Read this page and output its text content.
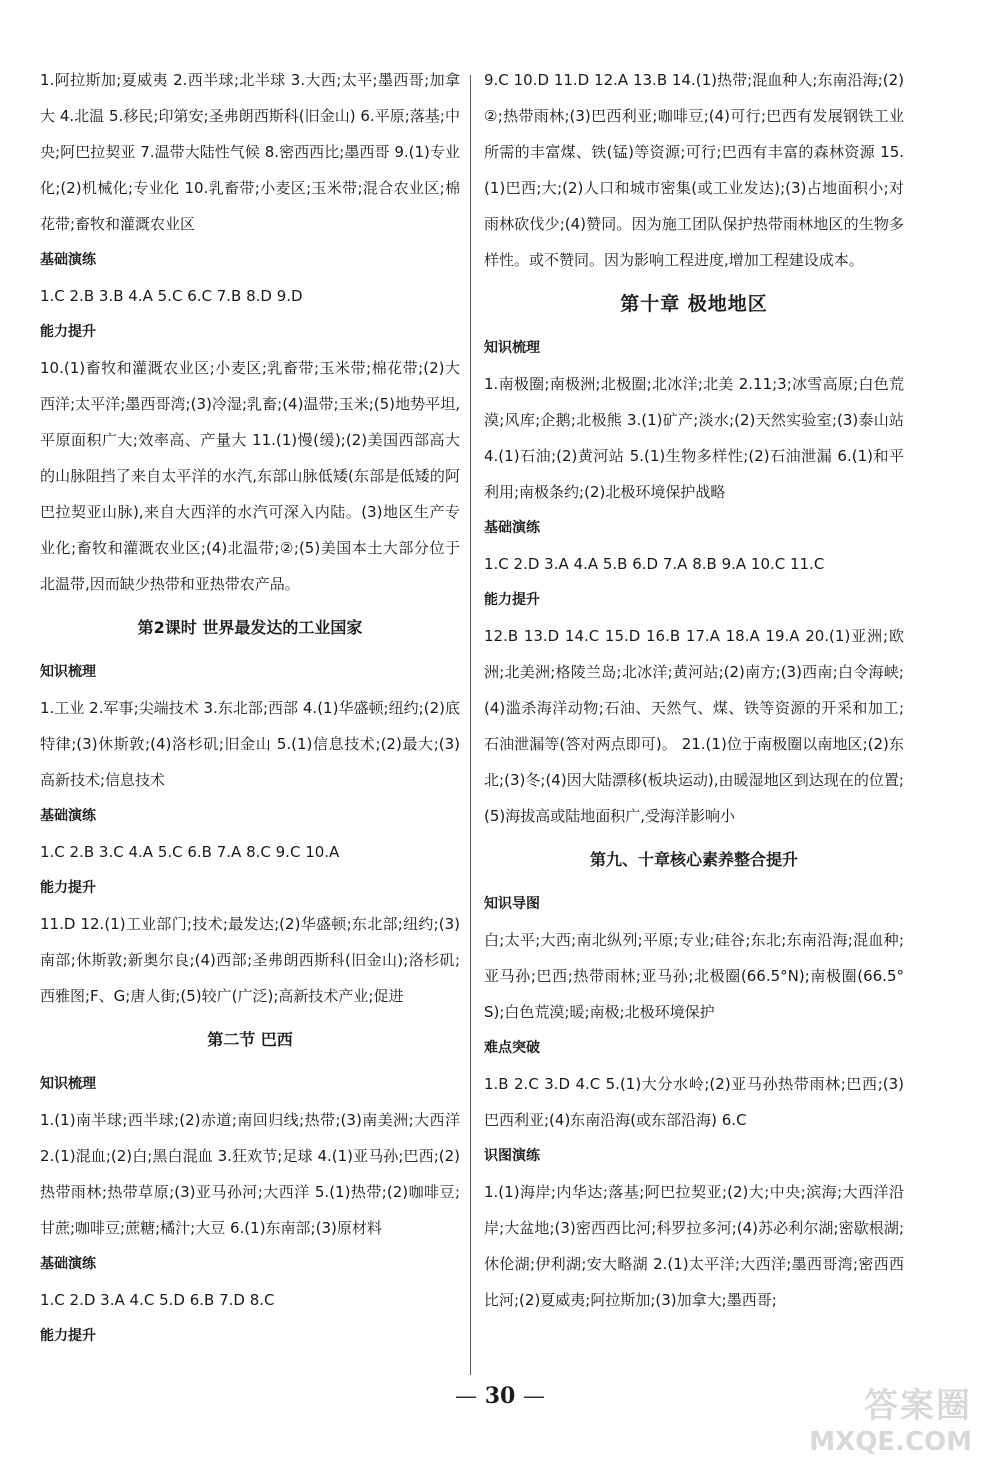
1.阿拉斯加;夏威夷 2.西半球;北半球 3.大西;太平;墨西哥;加拿大 4.北温 5.移民;印第安;圣弗朗西斯科(旧金山) 6.平原;落基;中央;阿巴拉契亚 7.温带大陆性气候 8.密西西比;墨西哥 9.(1)专业化;(2)机械化;专业化 10.乳畜带;小麦区;玉米带;混合农业区;棉花带;畜牧和灌溉农业区

基础演练

1.C 2.B 3.B 4.A 5.C 6.C 7.B 8.D 9.D

能力提升

10.(1)畜牧和灌溉农业区;小麦区;乳畜带;玉米带;棉花带;(2)大西洋;太平洋;墨西哥湾;(3)冷湿;乳畜;(4)温带;玉米;(5)地势平坦,平原面积广大;效率高、产量大 11.(1)慢(缓);(2)美国西部高大的山脉阻挡了来自太平洋的水汽,东部山脉低矮(东部是低矮的阿巴拉契亚山脉),来自大西洋的水汽可深入内陆。(3)地区生产专业化;畜牧和灌溉农业区;(4)北温带;②;(5)美国本土大部分位于北温带,因而缺少热带和亚热带农产品。

第2课时 世界最发达的工业国家

知识梳理

1.工业 2.军事;尖端技术 3.东北部;西部 4.(1)华盛顿;纽约;(2)底特律;(3)休斯敦;(4)洛杉矶;旧金山 5.(1)信息技术;(2)最大;(3)高新技术;信息技术

基础演练

1.C 2.B 3.C 4.A 5.C 6.B 7.A 8.C 9.C 10.A

能力提升

11.D 12.(1)工业部门;技术;最发达;(2)华盛顿;东北部;纽约;(3)南部;休斯敦;新奥尔良;(4)西部;圣弗朗西斯科(旧金山);洛杉矶;西雅图;F、G;唐人街;(5)较广(广泛);高新技术产业;促进

第二节 巴西

知识梳理

1.(1)南半球;西半球;(2)赤道;南回归线;热带;(3)南美洲;大西洋 2.(1)混血;(2)白;黑白混血 3.狂欢节;足球 4.(1)亚马孙;巴西;(2)热带雨林;热带草原;(3)亚马孙河;大西洋 5.(1)热带;(2)咖啡豆;甘蔗;咖啡豆;蔗糖;橘汁;大豆 6.(1)东南部;(3)原材料

基础演练

1.C 2.D 3.A 4.C 5.D 6.B 7.D 8.C

能力提升

9.C 10.D 11.D 12.A 13.B 14.(1)热带;混血种人;东南沿海;(2)②;热带雨林;(3)巴西利亚;咖啡豆;(4)可行;巴西有发展钢铁工业所需的丰富煤、铁(锰)等资源;可行;巴西有丰富的森林资源 15.(1)巴西;大;(2)人口和城市密集(或工业发达);(3)占地面积小;对雨林砍伐少;(4)赞同。因为施工团队保护热带雨林地区的生物多样性。或不赞同。因为影响工程进度,增加工程建设成本。

第十章 极地地区

知识梳理

1.南极圈;南极洲;北极圈;北冰洋;北美 2.11;3;冰雪高原;白色荒漠;风库;企鹅;北极熊 3.(1)矿产;淡水;(2)天然实验室;(3)泰山站 4.(1)石油;(2)黄河站 5.(1)生物多样性;(2)石油泄漏 6.(1)和平利用;南极条约;(2)北极环境保护战略

基础演练

1.C 2.D 3.A 4.A 5.B 6.D 7.A 8.B 9.A 10.C 11.C

能力提升

12.B 13.D 14.C 15.D 16.B 17.A 18.A 19.A 20.(1)亚洲;欧洲;北美洲;格陵兰岛;北冰洋;黄河站;(2)南方;(3)西南;白令海峡;(4)滥杀海洋动物;石油、天然气、煤、铁等资源的开采和加工;石油泄漏等(答对两点即可)。 21.(1)位于南极圈以南地区;(2)东北;(3)冬;(4)因大陆漂移(板块运动),由暖湿地区到达现在的位置;(5)海拔高或陆地面积广,受海洋影响小

第九、十章核心素养整合提升

知识导图

白;太平;大西;南北纵列;平原;专业;硅谷;东北;东南沿海;混血种;亚马孙;巴西;热带雨林;亚马孙;北极圈(66.5°N);南极圈(66.5°S);白色荒漠;暖;南极;北极环境保护

难点突破

1.B 2.C 3.D 4.C 5.(1)大分水岭;(2)亚马孙热带雨林;巴西;(3)巴西利亚;(4)东南沿海(或东部沿海) 6.C

识图演练

1.(1)海岸;内华达;落基;阿巴拉契亚;(2)大;中央;滨海;大西洋沿岸;大盆地;(3)密西西比河;科罗拉多河;(4)苏必利尔湖;密歇根湖;休伦湖;伊利湖;安大略湖 2.(1)太平洋;大西洋;墨西哥湾;密西西比河;(2)夏威夷;阿拉斯加;(3)加拿大;墨西哥;

— 30 —	答案圈
MXQE.COM
